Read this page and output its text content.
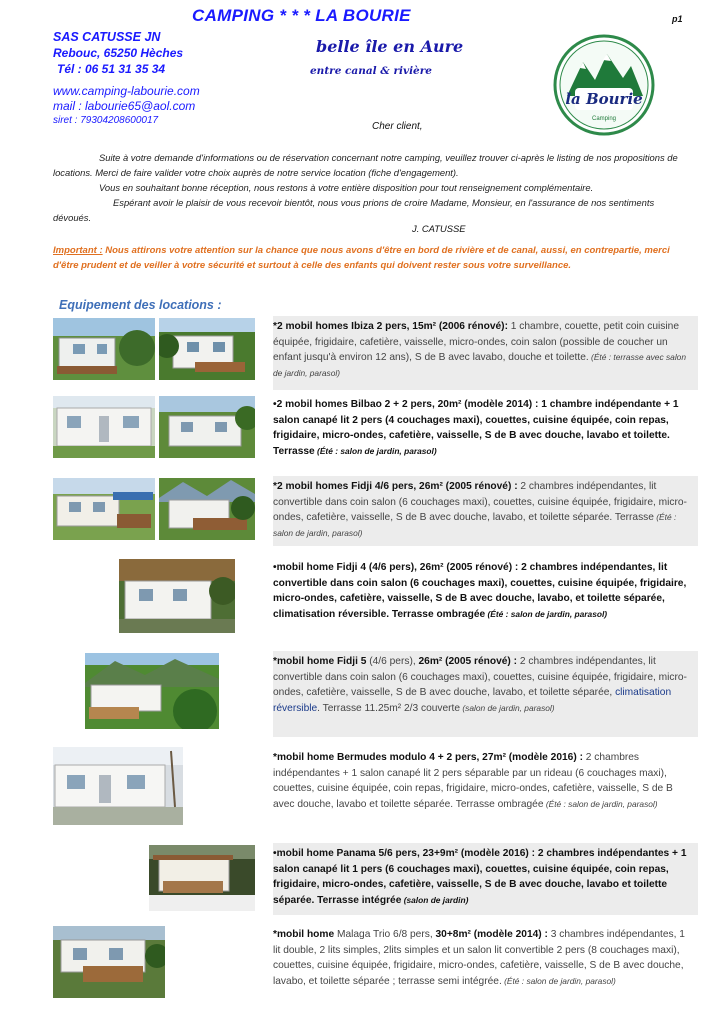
CAMPING * * * LA BOURIE	p1
SAS CATUSSE JN
Rebouc, 65250 Hèches
Tél : 06 51 31 35 34
www.camping-labourie.com
mail : labourie65@aol.com
siret : 79304208600017
belle île en Aure
entre canal & rivière
la Bourie
Camping
Cher client,

Suite à votre demande d'informations ou de réservation concernant notre camping, veuillez trouver ci-après le listing de nos propositions de locations. Merci de faire valider votre choix auprès de notre service location (fiche d'engagement).

Vous en souhaitant bonne réception, nous restons à votre entière disposition pour tout renseignement complémentaire.

Espérant avoir le plaisir de vous recevoir bientôt, nous vous prions de croire Madame, Monsieur, en l'assurance de nos sentiments dévoués.

J. CATUSSE
Important : Nous attirons votre attention sur la chance que nous avons d'être en bord de rivière et de canal, aussi, en contrepartie, merci d'être prudent et de veiller à votre sécurité et surtout à celle des enfants qui doivent rester sous votre surveillance.
Equipement des locations :
*2 mobil homes Ibiza 2 pers, 15m² (2006 rénové): 1 chambre, couette, petit coin cuisine équipée, frigidaire, cafetière, vaisselle, micro-ondes, coin salon (possible de coucher un enfant jusqu'à environ 12 ans), S de B avec lavabo, douche et toilette. (Été : terrasse avec salon de jardin, parasol)
•2 mobil homes Bilbao 2 + 2 pers, 20m² (modèle 2014) : 1 chambre indépendante + 1 salon canapé lit 2 pers (4 couchages maxi), couettes, cuisine équipée, coin repas, frigidaire, micro-ondes, cafetière, vaisselle, S de B avec douche, lavabo et toilette. Terrasse (Été : salon de jardin, parasol)
*2 mobil homes Fidji 4/6 pers, 26m² (2005 rénové) : 2 chambres indépendantes, lit convertible dans coin salon (6 couchages maxi), couettes, cuisine équipée, frigidaire, micro-ondes, cafetière, vaisselle, S de B avec douche, lavabo, et toilette séparée. Terrasse (Été : salon de jardin, parasol)
•mobil home Fidji 4 (4/6 pers), 26m² (2005 rénové) : 2 chambres indépendantes, lit convertible dans coin salon (6 couchages maxi), couettes, cuisine équipée, frigidaire, micro-ondes, cafetière, vaisselle, S de B avec douche, lavabo, et toilette séparée, climatisation réversible. Terrasse ombragée (Été : salon de jardin, parasol)
*mobil home Fidji 5 (4/6 pers), 26m² (2005 rénové) : 2 chambres indépendantes, lit convertible dans coin salon (6 couchages maxi), couettes, cuisine équipée, frigidaire, micro-ondes, cafetière, vaisselle, S de B avec douche, lavabo, et toilette séparée, climatisation réversible. Terrasse 11.25m² 2/3 couverte (salon de jardin, parasol)
*mobil home Bermudes modulo 4 + 2 pers, 27m² (modèle 2016) : 2 chambres indépendantes + 1 salon canapé lit 2 pers séparable par un rideau (6 couchages maxi), couettes, cuisine équipée, coin repas, frigidaire, micro-ondes, cafetière, vaisselle, S de B avec douche, lavabo et toilette séparée. Terrasse ombragée (Été : salon de jardin, parasol)
•mobil home Panama 5/6 pers, 23+9m² (modèle 2016) : 2 chambres indépendantes + 1 salon canapé lit 1 pers (6 couchages maxi), couettes, cuisine équipée, coin repas, frigidaire, micro-ondes, cafetière, vaisselle, S de B avec douche, lavabo et toilette séparée. Terrasse intégrée (salon de jardin)
*mobil home Malaga Trio 6/8 pers, 30+8m² (modèle 2014) : 3 chambres indépendantes, 1 lit double, 2 lits simples, 2lits simples et un salon lit convertible 2 pers (8 couchages maxi), couettes, cuisine équipée, frigidaire, micro-ondes, cafetière, vaisselle, S de B avec douche, lavabo, et toilette séparée ; terrasse semi intégrée. (Été : salon de jardin, parasol)
